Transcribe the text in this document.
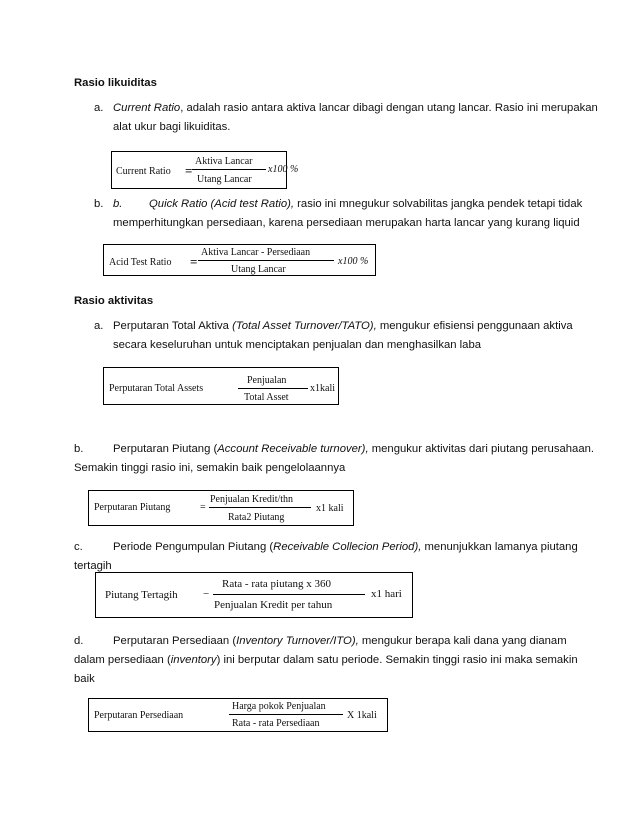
Rasio likuiditas
a. Current Ratio, adalah rasio antara aktiva lancar dibagi dengan utang lancar. Rasio ini merupakan
alat ukur bagi likuiditas.
Current Ratio =
Aktiva Lancar
Utang Lancar
x100 %
b. b. Quick Ratio (Acid test Ratio), rasio ini mnegukur solvabilitas jangka pendek tetapi tidak
memperhitungkan persediaan, karena persediaan merupakan harta lancar yang kurang liquid
Acid Test Ratio =
Aktiva Lancar - Persediaan
Utang Lancar
x100 %
Rasio aktivitas
a. Perputaran Total Aktiva (Total Asset Turnover/TATO), mengukur efisiensi penggunaan aktiva
secara keseluruhan untuk menciptakan penjualan dan menghasilkan laba
Perputaran Total Assets
Penjualan
Total Asset
x1kali
b.	Perputaran Piutang (Account Receivable turnover), mengukur aktivitas dari piutang perusahaan.
Semakin tinggi rasio ini, semakin baik pengelolaannya
Perputaran Piutang	=
Penjualan Kredit/thn
Rata2 Piutang
x1 kali
c.	Periode Pengumpulan Piutang (Receivable Collecion Period), menunjukkan lamanya piutang
tertagih
Piutang Tertagih −
Rata - rata piutang x 360
Penjualan Kredit per tahun
x1 hari
d.	Perputaran Persediaan (Inventory Turnover/ITO), mengukur berapa kali dana yang dianam
dalam persediaan (inventory) ini berputar dalam satu periode. Semakin tinggi rasio ini maka semakin
baik
Perputaran Persediaan
Harga pokok Penjualan
Rata - rata Persediaan
X 1kali
